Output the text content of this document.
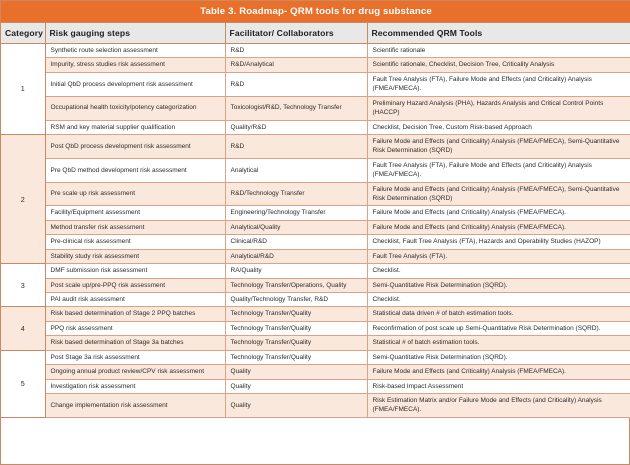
Table 3. Roadmap- QRM tools for drug substance			
Category	Risk gauging steps	Facilitator/ Collaborators	Recommended QRM Tools

1	Synthetic route selection assessment	R&D	Scientific rationale
	Impurity, stress studies risk assessment	R&D/Analytical	Scientific rationale, Checklist, Decision Tree, Criticality Analysis
	Initial QbD process development risk assessment	R&D	Fault Tree Analysis (FTA), Failure Mode and Effects (and Criticality) Analysis (FMEA/FMECA).
	Occupational health toxicity/potency categorization	Toxicologist/R&D, Technology Transfer	Preliminary Hazard Analysis (PHA), Hazards Analysis and Critical Control Points (HACCP)
	RSM and key material supplier qualification	Quality/R&D	Checklist, Decision Tree, Custom Risk-based Approach

2	Post QbD process development risk assessment	R&D	Failure Mode and Effects (and Criticality) Analysis (FMEA/FMECA), Semi-Quantitative Risk Determination (SQRD)
	Pre QbD method development risk assessment	Analytical	Fault Tree Analysis (FTA), Failure Mode and Effects (and Criticality) Analysis (FMEA/FMECA).
	Pre scale up risk assessment	R&D/Technology Transfer	Failure Mode and Effects (and Criticality) Analysis (FMEA/FMECA), Semi-Quantitative Risk Determination (SQRD)
	Facility/Equipment assessment	Engineering/Technology Transfer	Failure Mode and Effects (and Criticality) Analysis (FMEA/FMECA).
	Method transfer risk assessment	Analytical/Quality	Failure Mode and Effects (and Criticality) Analysis (FMEA/FMECA).
	Pre-clinical risk assessment	Clinical/R&D	Checklist, Fault Tree Analysis (FTA), Hazards and Operability Studies (HAZOP)
	Stability study risk assessment	Analytical/R&D	Fault Tree Analysis (FTA).

3	DMF submission risk assessment	RA/Quality	Checklist.
	Post scale up/pre-PPQ risk assessment	Technology Transfer/Operations, Quality	Semi-Quantitative Risk Determination (SQRD).
	PAI audit risk assessment	Quality/Technology Transfer, R&D	Checklist.

4	Risk based determination of Stage 2 PPQ batches	Technology Transfer/Quality	Statistical data driven # of batch estimation tools.
	PPQ risk assessment	Technology Transfer/Quality	Reconfirmation of post scale up Semi-Quantitative Risk Determination (SQRD).
	Risk based determination of Stage 3a batches	Technology Transfer/Quality	Statistical # of batch estimation tools.

5	Post Stage 3a risk assessment	Technology Transfer/Quality	Semi-Quantitative Risk Determination (SQRD).
	Ongoing annual product review/CPV risk assessment	Quality	Failure Mode and Effects (and Criticality) Analysis (FMEA/FMECA).
	Investigation risk assessment	Quality	Risk-based Impact Assessment
	Change implementation risk assessment	Quality	Risk Estimation Matrix and/or Failure Mode and Effects (and Criticality) Analysis (FMEA/FMECA).
